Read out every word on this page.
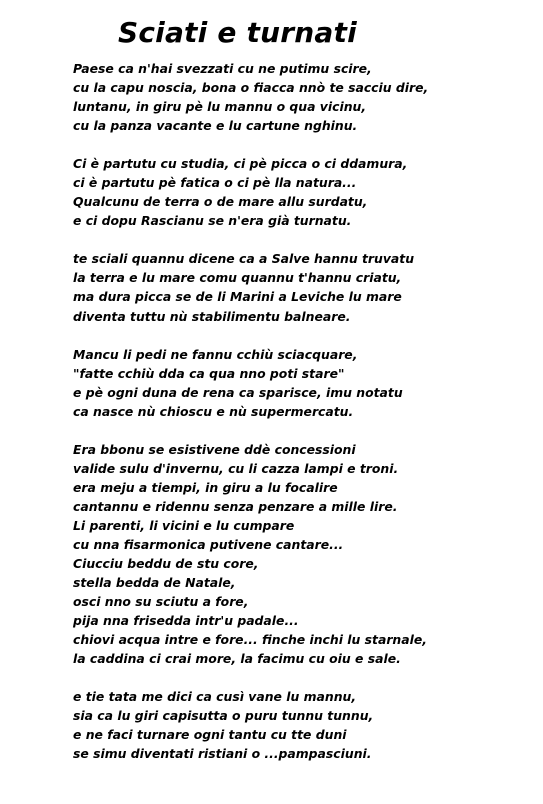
Sciati e turnati
Paese ca n'hai svezzati cu ne putimu scire,
cu la capu noscia, bona o fiacca nnò te sacciu dire,
luntanu, in giru pè lu mannu o qua vicinu,
cu la panza vacante e lu cartune nghinu.
Ci è partutu cu studia, ci pè picca o ci ddamura,
ci è partutu pè fatica o ci pè lla natura...
Qualcunu de terra o de mare allu surdatu,
e ci dopu Rascianu se n'era già turnatu.
te sciali quannu dicene ca a Salve hannu truvatu
la terra e lu mare comu quannu t'hannu criatu,
ma dura picca se de li Marini a Leviche lu mare
diventa tuttu nù stabilimentu balneare.
Mancu li pedi ne fannu cchiù sciacquare,
"fatte cchiù dda ca qua nno poti stare"
e pè ogni duna de rena ca sparisce, imu notatu
ca nasce nù chioscu e nù supermercatu.
Era bbonu se esistivene ddè concessioni
valide sulu d'invernu, cu li cazza lampi e troni.
era meju a tiempi, in giru a lu focalire
cantannu e ridennu senza penzare a mille lire.
Li parenti, li vicini e lu cumpare
cu nna fisarmonica putivene cantare...
Ciucciu beddu de stu core,
stella bedda de Natale,
osci nno su sciutu a fore,
pija nna frisedda intr'u padale...
chiovi acqua intre e fore... finche inchi lu starnale,
la caddina ci crai more, la facimu cu oiu e sale.
e tie tata me dici ca cusì vane lu mannu,
sia ca lu giri capisutta o puru tunnu tunnu,
e ne faci turnare ogni tantu cu tte duni
se simu diventati ristiani o ...pampasciuni.
